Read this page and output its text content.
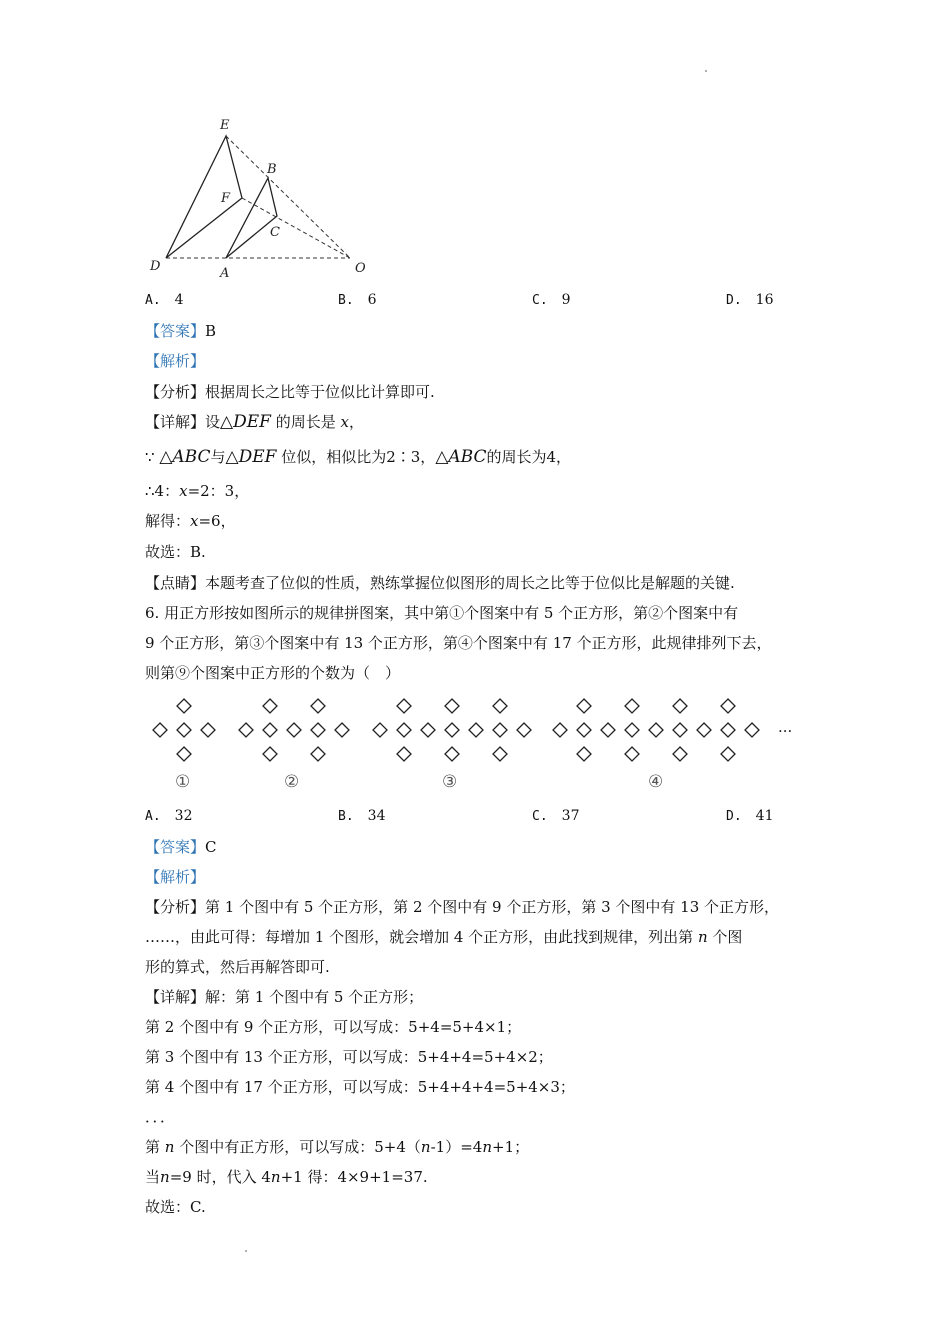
E
B
F
C
D	A	O
A. 4	B. 6	C. 9	D. 16
【答案】B
【解析】
【分析】根据周长之比等于位似比计算即可.
【详解】设△DEF 的周长是 x，
∵ △ABC与△DEF 位似，相似比为2∶3，△ABC的周长为4，
∴4：x=2：3，
解得：x=6，
故选：B.
【点睛】本题考查了位似的性质，熟练掌握位似图形的周长之比等于位似比是解题的关键.
6. 用正方形按如图所示的规律拼图案，其中第①个图案中有 5 个正方形，第②个图案中有
9 个正方形，第③个图案中有 13 个正方形，第④个图案中有 17 个正方形，此规律排列下去，
则第⑨个图案中正方形的个数为（　）
①	②	③	④
···
A. 32	B. 34	C. 37	D. 41
【答案】C
【解析】
【分析】第 1 个图中有 5 个正方形，第 2 个图中有 9 个正方形，第 3 个图中有 13 个正方形，
……，由此可得：每增加 1 个图形，就会增加 4 个正方形，由此找到规律，列出第 n 个图
形的算式，然后再解答即可.
【详解】解：第 1 个图中有 5 个正方形；
第 2 个图中有 9 个正方形，可以写成：5+4=5+4×1；
第 3 个图中有 13 个正方形，可以写成：5+4+4=5+4×2；
第 4 个图中有 17 个正方形，可以写成：5+4+4+4=5+4×3；
．．．
第 n 个图中有正方形，可以写成：5+4（n-1）=4n+1；
当n=9 时，代入 4n+1 得：4×9+1=37.
故选：C.
